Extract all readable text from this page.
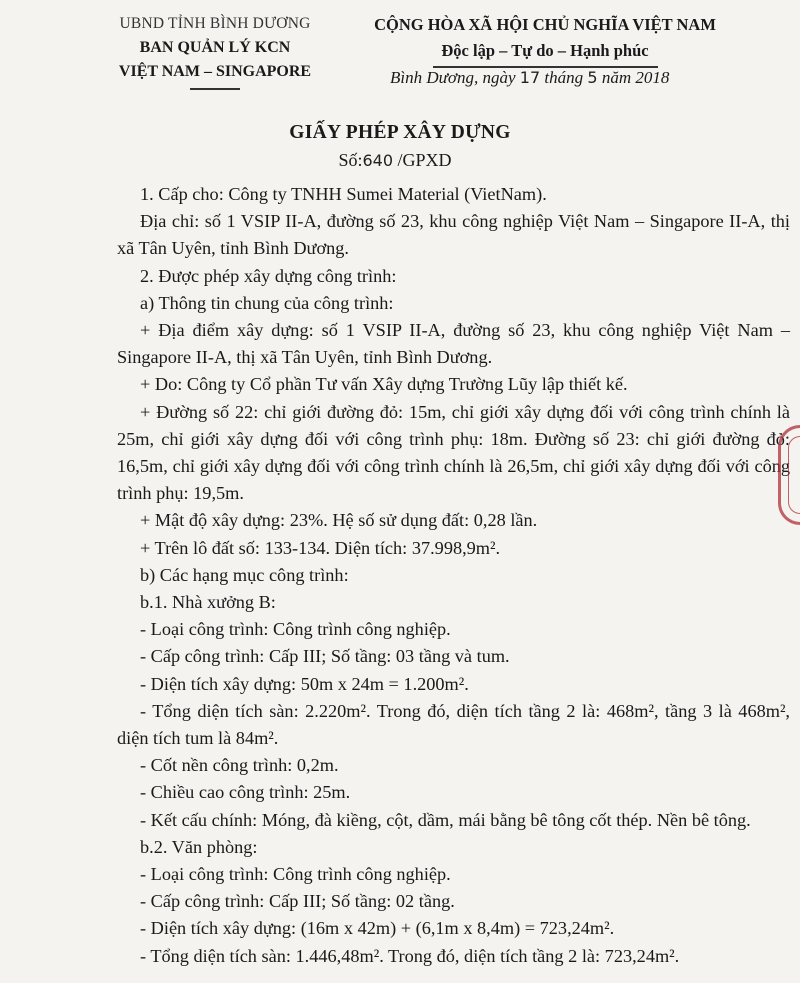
UBND TỈNH BÌNH DƯƠNG
BAN QUẢN LÝ KCN
VIỆT NAM – SINGAPORE
CỘNG HÒA XÃ HỘI CHỦ NGHĨA VIỆT NAM
Độc lập – Tự do – Hạnh phúc
Bình Dương, ngày 17 tháng 5 năm 2018
GIẤY PHÉP XÂY DỰNG
Số:640 /GPXD
1. Cấp cho: Công ty TNHH Sumei Material (VietNam).
Địa chỉ: số 1 VSIP II-A, đường số 23, khu công nghiệp Việt Nam – Singapore II-A, thị xã Tân Uyên, tỉnh Bình Dương.
2. Được phép xây dựng công trình:
a) Thông tin chung của công trình:
+ Địa điểm xây dựng: số 1 VSIP II-A, đường số 23, khu công nghiệp Việt Nam – Singapore II-A, thị xã Tân Uyên, tỉnh Bình Dương.
+ Do: Công ty Cổ phần Tư vấn Xây dựng Trường Lũy lập thiết kế.
+ Đường số 22: chỉ giới đường đỏ: 15m, chỉ giới xây dựng đối với công trình chính là 25m, chỉ giới xây dựng đối với công trình phụ: 18m. Đường số 23: chỉ giới đường đỏ: 16,5m, chỉ giới xây dựng đối với công trình chính là 26,5m, chỉ giới xây dựng đối với công trình phụ: 19,5m.
+ Mật độ xây dựng: 23%. Hệ số sử dụng đất: 0,28 lần.
+ Trên lô đất số: 133-134. Diện tích: 37.998,9m².
b) Các hạng mục công trình:
b.1. Nhà xưởng B:
- Loại công trình: Công trình công nghiệp.
- Cấp công trình: Cấp III; Số tầng: 03 tầng và tum.
- Diện tích xây dựng: 50m x 24m = 1.200m².
- Tổng diện tích sàn: 2.220m². Trong đó, diện tích tầng 2 là: 468m², tầng 3 là 468m², diện tích tum là 84m².
- Cốt nền công trình: 0,2m.
- Chiều cao công trình: 25m.
- Kết cấu chính: Móng, đà kiềng, cột, dầm, mái bằng bê tông cốt thép. Nền bê tông.
b.2. Văn phòng:
- Loại công trình: Công trình công nghiệp.
- Cấp công trình: Cấp III; Số tầng: 02 tầng.
- Diện tích xây dựng: (16m x 42m) + (6,1m x 8,4m) = 723,24m².
- Tổng diện tích sàn: 1.446,48m². Trong đó, diện tích tầng 2 là: 723,24m².
